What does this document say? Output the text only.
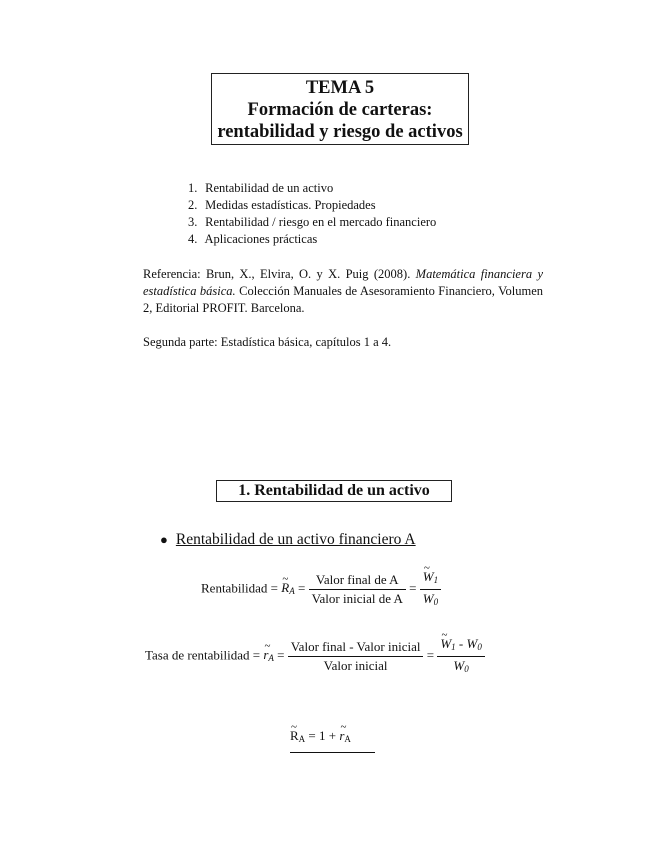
TEMA 5
Formación de carteras:
rentabilidad y riesgo de activos
1. Rentabilidad de un activo
2. Medidas estadísticas. Propiedades
3. Rentabilidad / riesgo en el mercado financiero
4. Aplicaciones prácticas
Referencia: Brun, X., Elvira, O. y X. Puig (2008). Matemática financiera y estadística básica. Colección Manuales de Asesoramiento Financiero, Volumen 2, Editorial PROFIT. Barcelona.
Segunda parte: Estadística básica, capítulos 1 a 4.
1. Rentabilidad de un activo
● Rentabilidad de un activo financiero A
Rentabilidad = ~ $R_A = \frac{\text{Valor final de A}}{\text{Valor inicial de A}}$ = ~ $\frac{W_1}{W_0}$
Tasa de rentabilidad = ~ $r_A = \frac{\text{Valor final - Valor inicial}}{\text{Valor inicial}}$ = ~ $\frac{W_1 - W_0}{W_0}$
~ $R_A = 1$ + ~ $r_A$
